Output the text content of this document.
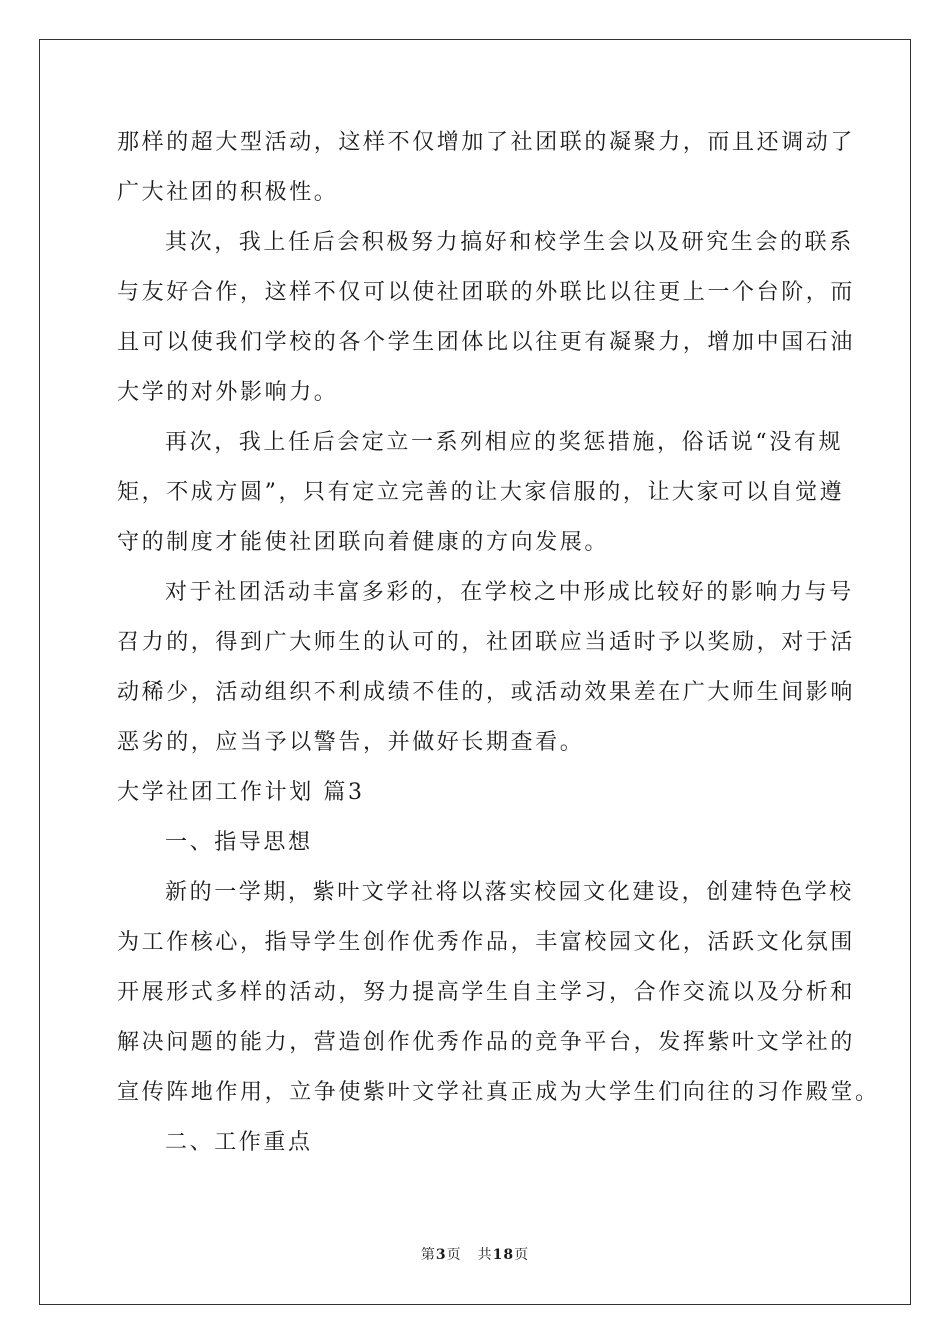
那样的超大型活动，这样不仅增加了社团联的凝聚力，而且还调动了
广大社团的积极性。
其次，我上任后会积极努力搞好和校学生会以及研究生会的联系
与友好合作，这样不仅可以使社团联的外联比以往更上一个台阶，而
且可以使我们学校的各个学生团体比以往更有凝聚力，增加中国石油
大学的对外影响力。
再次，我上任后会定立一系列相应的奖惩措施，俗话说“没有规
矩，不成方圆”，只有定立完善的让大家信服的，让大家可以自觉遵
守的制度才能使社团联向着健康的方向发展。
对于社团活动丰富多彩的，在学校之中形成比较好的影响力与号
召力的，得到广大师生的认可的，社团联应当适时予以奖励，对于活
动稀少，活动组织不利成绩不佳的，或活动效果差在广大师生间影响
恶劣的，应当予以警告，并做好长期查看。
大学社团工作计划 篇3
一、指导思想
新的一学期，紫叶文学社将以落实校园文化建设，创建特色学校
为工作核心，指导学生创作优秀作品，丰富校园文化，活跃文化氛围
开展形式多样的活动，努力提高学生自主学习，合作交流以及分析和
解决问题的能力，营造创作优秀作品的竞争平台，发挥紫叶文学社的
宣传阵地作用，立争使紫叶文学社真正成为大学生们向往的习作殿堂。
二、工作重点
第3页 共18页
